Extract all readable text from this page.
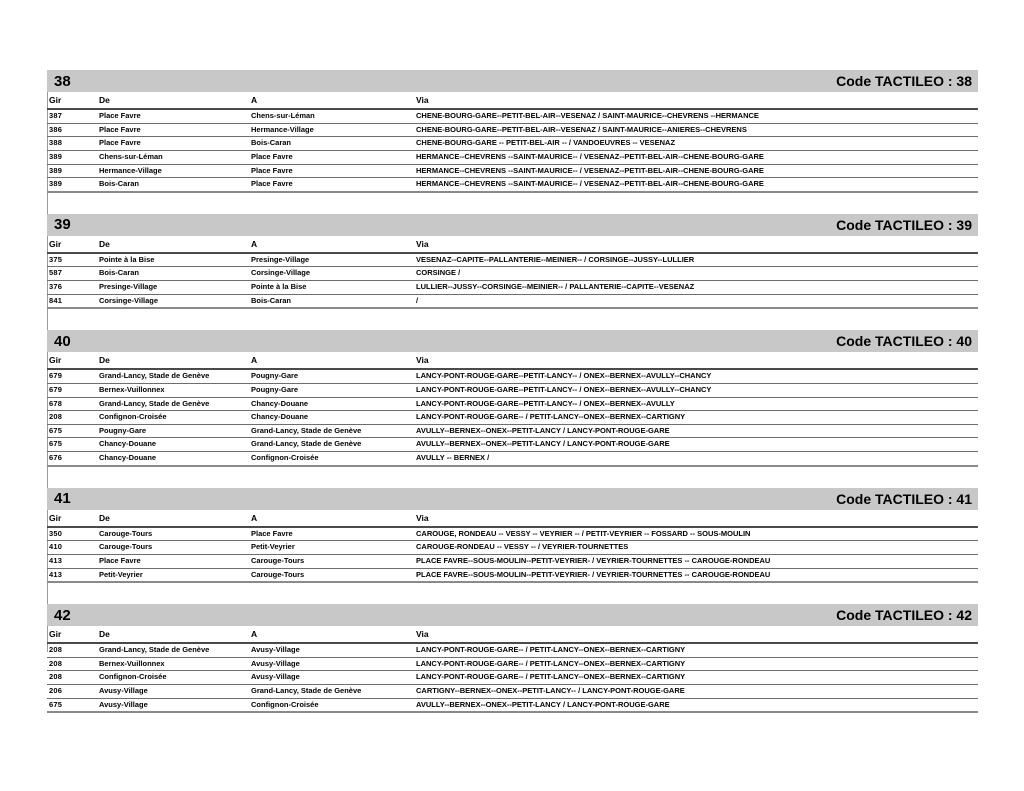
38	Code TACTILEO : 38
Gir	De	A	Via
387	Place Favre	Chens-sur-Léman	CHENE-BOURG-GARE--PETIT-BEL-AIR--VESENAZ / SAINT-MAURICE--CHEVRENS --HERMANCE
386	Place Favre	Hermance-Village	CHENE-BOURG-GARE--PETIT-BEL-AIR--VESENAZ / SAINT-MAURICE--ANIERES--CHEVRENS
388	Place Favre	Bois-Caran	CHENE-BOURG-GARE -- PETIT-BEL-AIR -- / VANDOEUVRES -- VESENAZ
389	Chens-sur-Léman	Place Favre	HERMANCE--CHEVRENS --SAINT-MAURICE-- / VESENAZ--PETIT-BEL-AIR--CHENE-BOURG-GARE
389	Hermance-Village	Place Favre	HERMANCE--CHEVRENS --SAINT-MAURICE-- / VESENAZ--PETIT-BEL-AIR--CHENE-BOURG-GARE
389	Bois-Caran	Place Favre	HERMANCE--CHEVRENS --SAINT-MAURICE-- / VESENAZ--PETIT-BEL-AIR--CHENE-BOURG-GARE
39	Code TACTILEO : 39
Gir	De	A	Via
375	Pointe à la Bise	Presinge-Village	VESENAZ--CAPITE--PALLANTERIE--MEINIER-- / CORSINGE--JUSSY--LULLIER
587	Bois-Caran	Corsinge-Village	CORSINGE /
376	Presinge-Village	Pointe à la Bise	LULLIER--JUSSY--CORSINGE--MEINIER-- / PALLANTERIE--CAPITE--VESENAZ
841	Corsinge-Village	Bois-Caran	/
40	Code TACTILEO : 40
Gir	De	A	Via
679	Grand-Lancy, Stade de Genève	Pougny-Gare	LANCY-PONT-ROUGE-GARE--PETIT-LANCY-- / ONEX--BERNEX--AVULLY--CHANCY
679	Bernex-Vuillonnex	Pougny-Gare	LANCY-PONT-ROUGE-GARE--PETIT-LANCY-- / ONEX--BERNEX--AVULLY--CHANCY
678	Grand-Lancy, Stade de Genève	Chancy-Douane	LANCY-PONT-ROUGE-GARE--PETIT-LANCY-- / ONEX--BERNEX--AVULLY
208	Confignon-Croisée	Chancy-Douane	LANCY-PONT-ROUGE-GARE-- / PETIT-LANCY--ONEX--BERNEX--CARTIGNY
675	Pougny-Gare	Grand-Lancy, Stade de Genève	AVULLY--BERNEX--ONEX--PETIT-LANCY / LANCY-PONT-ROUGE-GARE
675	Chancy-Douane	Grand-Lancy, Stade de Genève	AVULLY--BERNEX--ONEX--PETIT-LANCY / LANCY-PONT-ROUGE-GARE
676	Chancy-Douane	Confignon-Croisée	AVULLY -- BERNEX /
41	Code TACTILEO : 41
Gir	De	A	Via
350	Carouge-Tours	Place Favre	CAROUGE, RONDEAU -- VESSY -- VEYRIER -- / PETIT-VEYRIER -- FOSSARD -- SOUS-MOULIN
410	Carouge-Tours	Petit-Veyrier	CAROUGE-RONDEAU -- VESSY -- / VEYRIER-TOURNETTES
413	Place Favre	Carouge-Tours	PLACE FAVRE--SOUS-MOULIN--PETIT-VEYRIER- / VEYRIER-TOURNETTES -- CAROUGE-RONDEAU
413	Petit-Veyrier	Carouge-Tours	PLACE FAVRE--SOUS-MOULIN--PETIT-VEYRIER- / VEYRIER-TOURNETTES -- CAROUGE-RONDEAU
42	Code TACTILEO : 42
Gir	De	A	Via
208	Grand-Lancy, Stade de Genève	Avusy-Village	LANCY-PONT-ROUGE-GARE-- / PETIT-LANCY--ONEX--BERNEX--CARTIGNY
208	Bernex-Vuillonnex	Avusy-Village	LANCY-PONT-ROUGE-GARE-- / PETIT-LANCY--ONEX--BERNEX--CARTIGNY
208	Confignon-Croisée	Avusy-Village	LANCY-PONT-ROUGE-GARE-- / PETIT-LANCY--ONEX--BERNEX--CARTIGNY
206	Avusy-Village	Grand-Lancy, Stade de Genève	CARTIGNY--BERNEX--ONEX--PETIT-LANCY-- / LANCY-PONT-ROUGE-GARE
675	Avusy-Village	Confignon-Croisée	AVULLY--BERNEX--ONEX--PETIT-LANCY / LANCY-PONT-ROUGE-GARE
